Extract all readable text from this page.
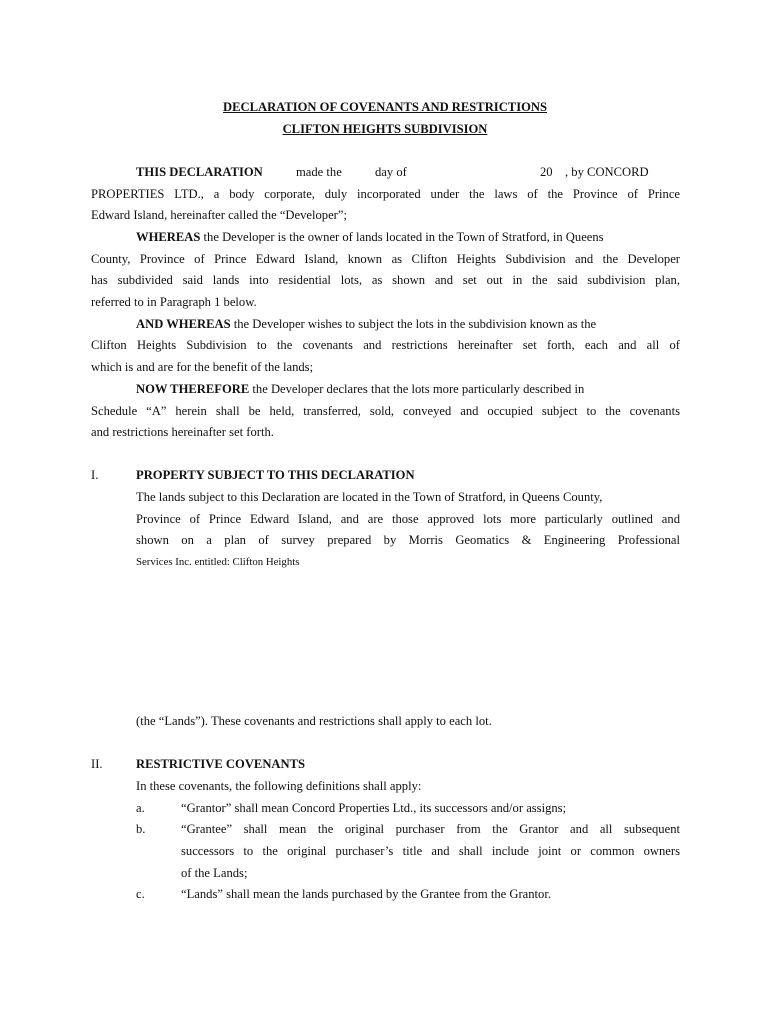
DECLARATION OF COVENANTS AND RESTRICTIONS
CLIFTON HEIGHTS SUBDIVISION
THIS DECLARATION	made the	day of	20 , by CONCORD
PROPERTIES LTD., a body corporate, duly incorporated under the laws of the Province of Prince
Edward Island, hereinafter called the “Developer”;
WHEREAS the Developer is the owner of lands located in the Town of Stratford, in Queens
County, Province of Prince Edward Island, known as Clifton Heights Subdivision and the Developer
has subdivided said lands into residential lots, as shown and set out in the said subdivision plan,
referred to in Paragraph 1 below.
AND WHEREAS the Developer wishes to subject the lots in the subdivision known as the
Clifton Heights Subdivision to the covenants and restrictions hereinafter set forth, each and all of
which is and are for the benefit of the lands;
NOW THEREFORE the Developer declares that the lots more particularly described in
Schedule “A” herein shall be held, transferred, sold, conveyed and occupied subject to the covenants
and restrictions hereinafter set forth.
I.	PROPERTY SUBJECT TO THIS DECLARATION
The lands subject to this Declaration are located in the Town of Stratford, in Queens County,
Province of Prince Edward Island, and are those approved lots more particularly outlined and
shown on a plan of survey prepared by Morris Geomatics & Engineering Professional
Services Inc. entitled: Clifton Heights
(the “Lands”). These covenants and restrictions shall apply to each lot.
II.	RESTRICTIVE COVENANTS
In these covenants, the following definitions shall apply:
a.	“Grantor” shall mean Concord Properties Ltd., its successors and/or assigns;
b.	“Grantee” shall mean the original purchaser from the Grantor and all subsequent
successors to the original purchaser’s title and shall include joint or common owners
of the Lands;
c.	“Lands” shall mean the lands purchased by the Grantee from the Grantor.
